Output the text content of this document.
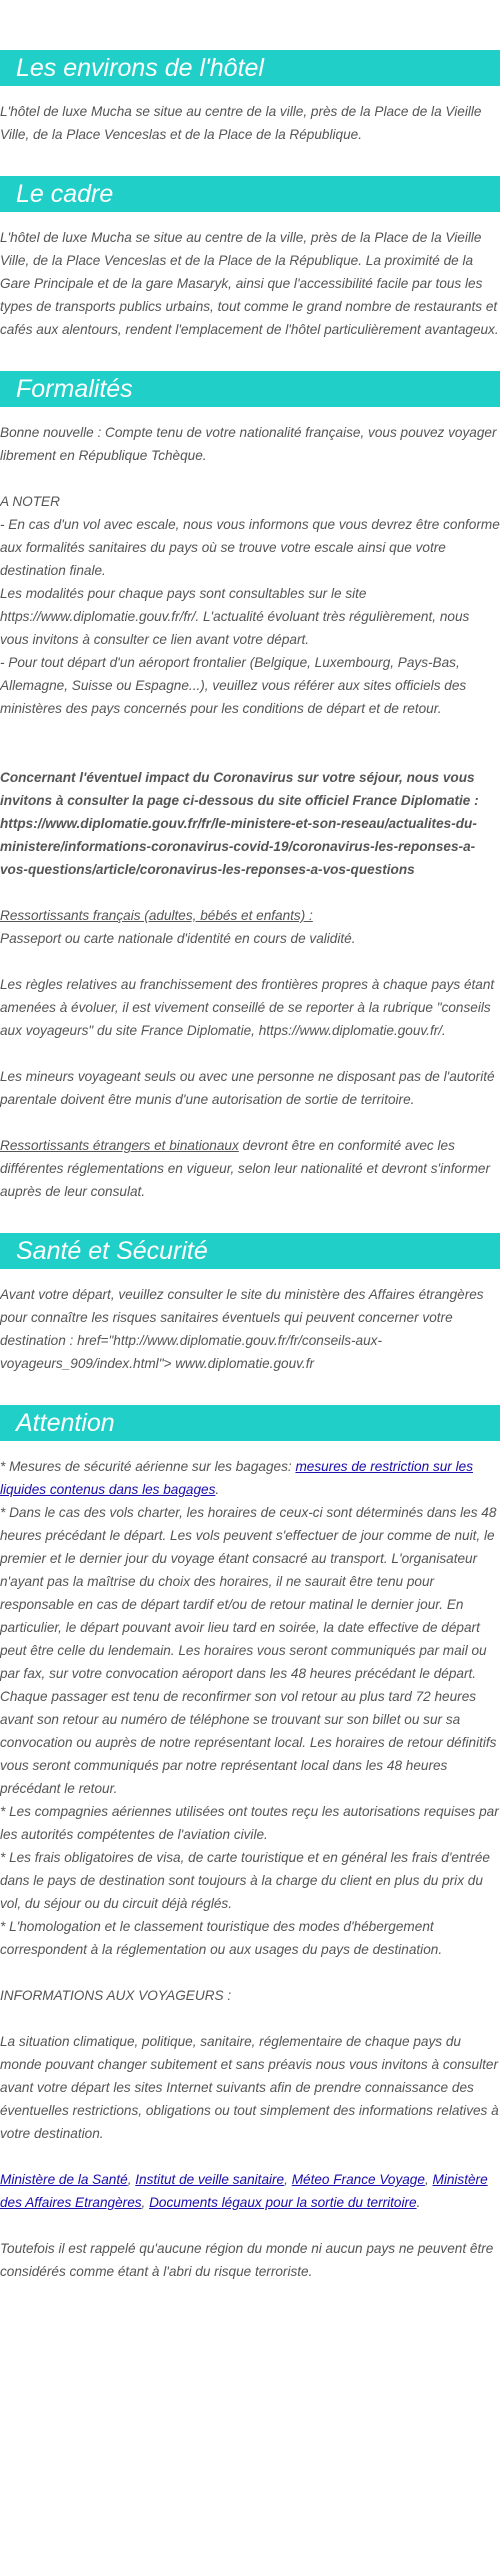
Les environs de l'hôtel

L'hôtel de luxe Mucha se situe au centre de la ville, près de la Place de la Vieille Ville, de la Place Venceslas et de la Place de la République.

Le cadre

L'hôtel de luxe Mucha se situe au centre de la ville, près de la Place de la Vieille Ville, de la Place Venceslas et de la Place de la République. La proximité de la Gare Principale et de la gare Masaryk, ainsi que l'accessibilité facile par tous les types de transports publics urbains, tout comme le grand nombre de restaurants et cafés aux alentours, rendent l'emplacement de l'hôtel particulièrement avantageux.

Formalités

Bonne nouvelle : Compte tenu de votre nationalité française, vous pouvez voyager librement en République Tchèque.

A NOTER

- En cas d'un vol avec escale, nous vous informons que vous devrez être conforme aux formalités sanitaires du pays où se trouve votre escale ainsi que votre destination finale.

Les modalités pour chaque pays sont consultables sur le site https://www.diplomatie.gouv.fr/fr/. L'actualité évoluant très régulièrement, nous vous invitons à consulter ce lien avant votre départ.

- Pour tout départ d'un aéroport frontalier (Belgique, Luxembourg, Pays-Bas, Allemagne, Suisse ou Espagne...), veuillez vous référer aux sites officiels des ministères des pays concernés pour les conditions de départ et de retour.

Concernant l'éventuel impact du Coronavirus sur votre séjour, nous vous invitons à consulter la page ci-dessous du site officiel France Diplomatie : https://www.diplomatie.gouv.fr/fr/le-ministere-et-son-reseau/actualites-du-ministere/informations-coronavirus-covid-19/coronavirus-les-reponses-a-vos-questions/article/coronavirus-les-reponses-a-vos-questions

Ressortissants français (adultes, bébés et enfants) :

Passeport ou carte nationale d'identité en cours de validité.

Les règles relatives au franchissement des frontières propres à chaque pays étant amenées à évoluer, il est vivement conseillé de se reporter à la rubrique "conseils aux voyageurs" du site France Diplomatie, https://www.diplomatie.gouv.fr/.

Les mineurs voyageant seuls ou avec une personne ne disposant pas de l'autorité parentale doivent être munis d'une autorisation de sortie de territoire.

Ressortissants étrangers et binationaux devront être en conformité avec les différentes réglementations en vigueur, selon leur nationalité et devront s'informer auprès de leur consulat.

Santé et Sécurité

Avant votre départ, veuillez consulter le site du ministère des Affaires étrangères pour connaître les risques sanitaires éventuels qui peuvent concerner votre destination : href="http://www.diplomatie.gouv.fr/fr/conseils-aux-voyageurs_909/index.html"> www.diplomatie.gouv.fr

Attention

* Mesures de sécurité aérienne sur les bagages: mesures de restriction sur les liquides contenus dans les bagages.

* Dans le cas des vols charter, les horaires de ceux-ci sont déterminés dans les 48 heures précédant le départ. Les vols peuvent s'effectuer de jour comme de nuit, le premier et le dernier jour du voyage étant consacré au transport. L'organisateur n'ayant pas la maîtrise du choix des horaires, il ne saurait être tenu pour responsable en cas de départ tardif et/ou de retour matinal le dernier jour. En particulier, le départ pouvant avoir lieu tard en soirée, la date effective de départ peut être celle du lendemain. Les horaires vous seront communiqués par mail ou par fax, sur votre convocation aéroport dans les 48 heures précédant le départ. Chaque passager est tenu de reconfirmer son vol retour au plus tard 72 heures avant son retour au numéro de téléphone se trouvant sur son billet ou sur sa convocation ou auprès de notre représentant local. Les horaires de retour définitifs vous seront communiqués par notre représentant local dans les 48 heures précédant le retour.

* Les compagnies aériennes utilisées ont toutes reçu les autorisations requises par les autorités compétentes de l'aviation civile.

* Les frais obligatoires de visa, de carte touristique et en général les frais d'entrée dans le pays de destination sont toujours à la charge du client en plus du prix du vol, du séjour ou du circuit déjà réglés.

* L'homologation et le classement touristique des modes d'hébergement correspondent à la réglementation ou aux usages du pays de destination.

INFORMATIONS AUX VOYAGEURS :

La situation climatique, politique, sanitaire, réglementaire de chaque pays du monde pouvant changer subitement et sans préavis nous vous invitons à consulter avant votre départ les sites Internet suivants afin de prendre connaissance des éventuelles restrictions, obligations ou tout simplement des informations relatives à votre destination.

Ministère de la Santé, Institut de veille sanitaire, Méteo France Voyage, Ministère des Affaires Etrangères, Documents légaux pour la sortie du territoire.

Toutefois il est rappelé qu'aucune région du monde ni aucun pays ne peuvent être considérés comme étant à l'abri du risque terroriste.
